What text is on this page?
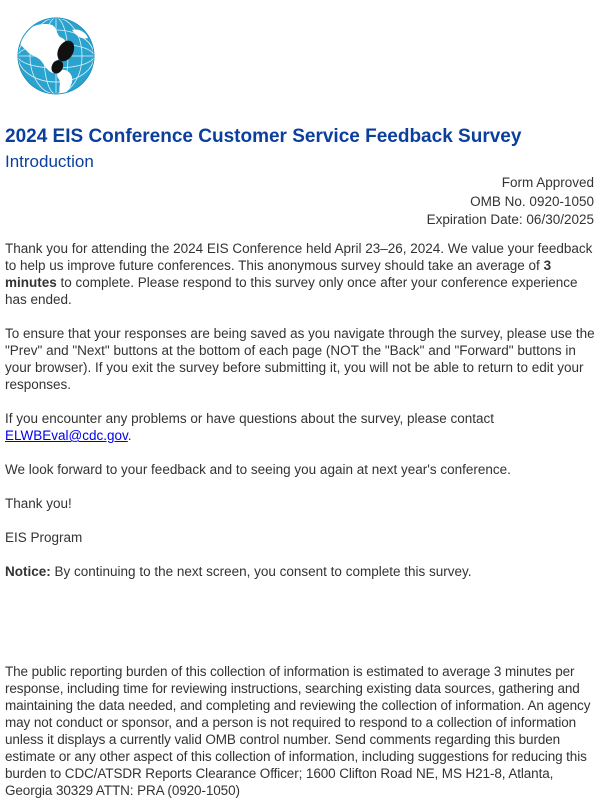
2024 EIS Conference Customer Service Feedback Survey
Introduction
Form Approved
OMB No. 0920-1050
Expiration Date: 06/30/2025

Thank you for attending the 2024 EIS Conference held April 23–26, 2024. We value your feedback to help us improve future conferences. This anonymous survey should take an average of 3 minutes to complete. Please respond to this survey only once after your conference experience has ended.

To ensure that your responses are being saved as you navigate through the survey, please use the "Prev" and "Next" buttons at the bottom of each page (NOT the "Back" and "Forward" buttons in your browser). If you exit the survey before submitting it, you will not be able to return to edit your responses.

If you encounter any problems or have questions about the survey, please contact ELWBEval@cdc.gov.

We look forward to your feedback and to seeing you again at next year's conference.

Thank you!

EIS Program

Notice: By continuing to the next screen, you consent to complete this survey.

The public reporting burden of this collection of information is estimated to average 3 minutes per response, including time for reviewing instructions, searching existing data sources, gathering and maintaining the data needed, and completing and reviewing the collection of information. An agency may not conduct or sponsor, and a person is not required to respond to a collection of information unless it displays a currently valid OMB control number. Send comments regarding this burden estimate or any other aspect of this collection of information, including suggestions for reducing this burden to CDC/ATSDR Reports Clearance Officer; 1600 Clifton Road NE, MS H21-8, Atlanta, Georgia 30329 ATTN: PRA (0920-1050)
